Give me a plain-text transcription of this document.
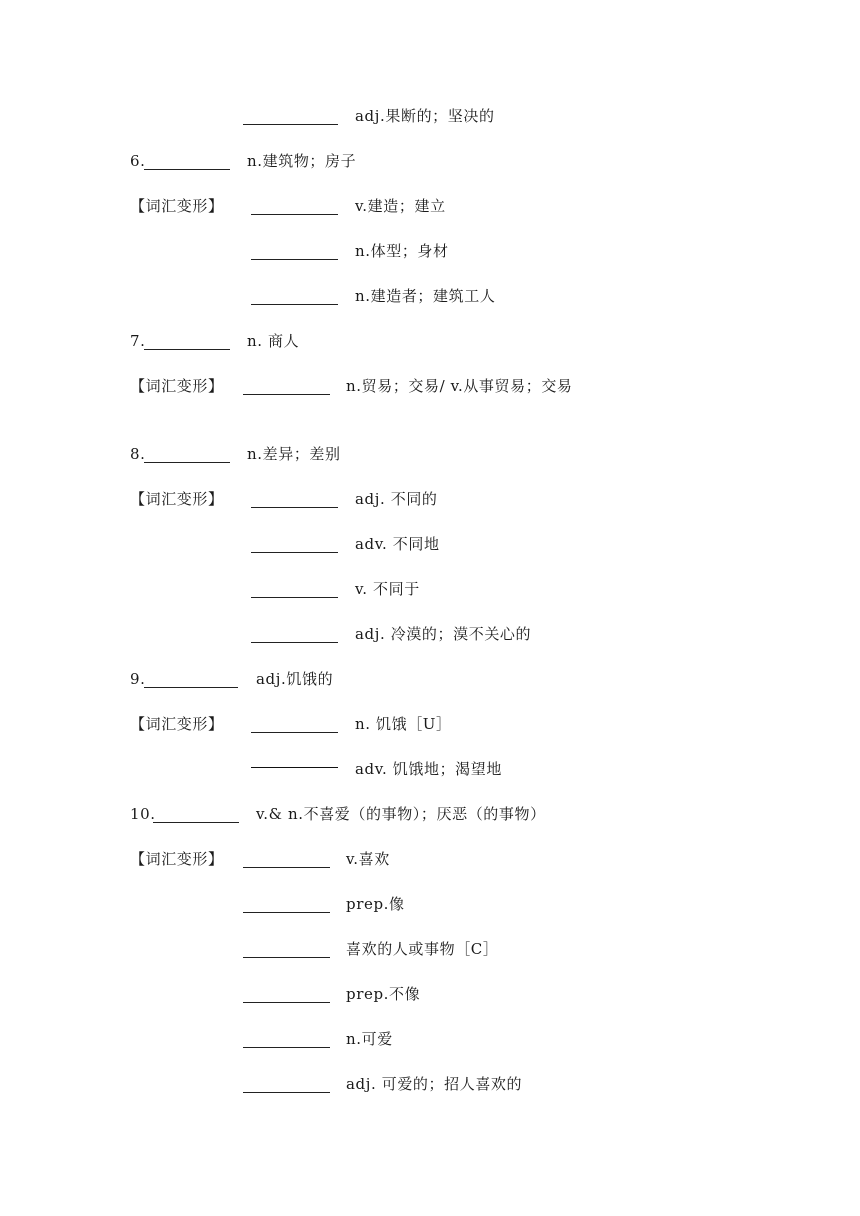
adj.果断的；坚决的
6.	n.建筑物；房子
【词汇变形】	v.建造；建立
n.体型；身材
n.建造者；建筑工人
7.	n. 商人
【词汇变形】	n.贸易；交易/ v.从事贸易；交易
8.	n.差异；差别
【词汇变形】	adj. 不同的
adv. 不同地
v. 不同于
adj. 冷漠的；漠不关心的
9.	adj.饥饿的
【词汇变形】	n. 饥饿［U］
adv. 饥饿地；渴望地
10.	v.& n.不喜爱（的事物）；厌恶（的事物）
【词汇变形】	v.喜欢
prep.像
喜欢的人或事物［C］
prep.不像
n.可爱
adj. 可爱的；招人喜欢的
